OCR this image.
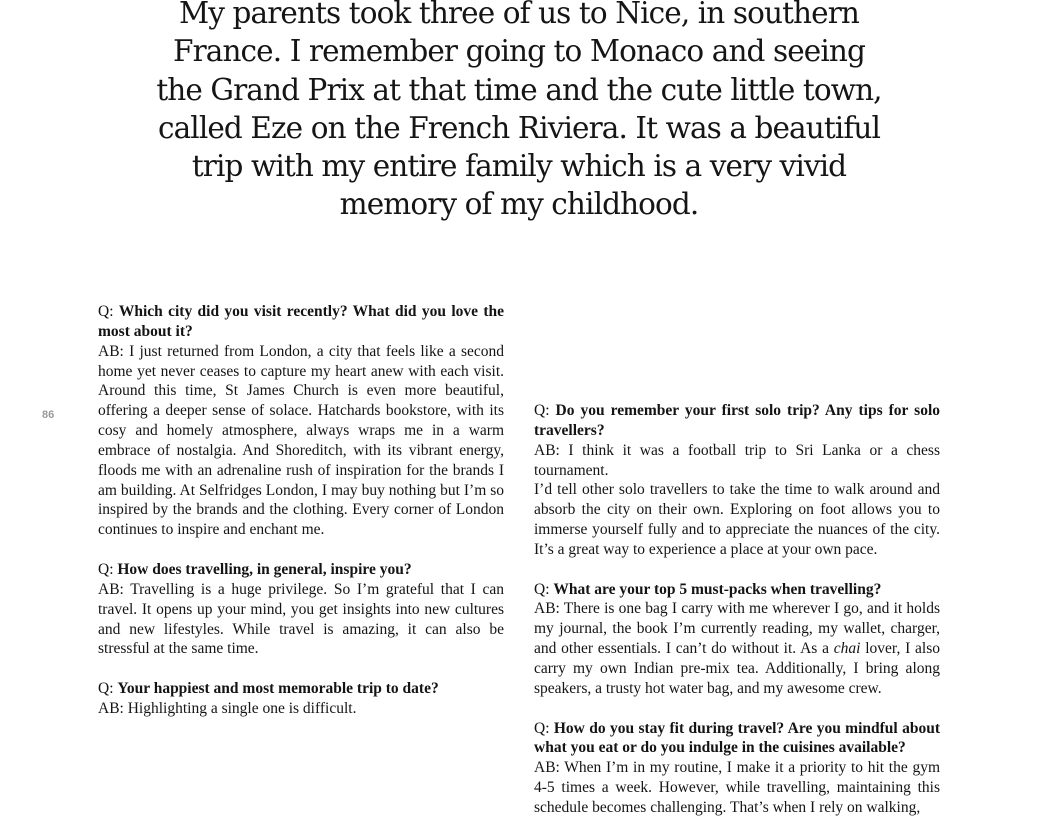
My parents took three of us to Nice, in southern France. I remember going to Monaco and seeing the Grand Prix at that time and the cute little town, called Eze on the French Riviera. It was a beautiful trip with my entire family which is a very vivid memory of my childhood.
86

Q: Which city did you visit recently? What did you love the most about it?

AB: I just returned from London, a city that feels like a second home yet never ceases to capture my heart anew with each visit. Around this time, St James Church is even more beautiful, offering a deeper sense of solace. Hatchards bookstore, with its cosy and homely atmosphere, always wraps me in a warm embrace of nostalgia. And Shoreditch, with its vibrant energy, floods me with an adrenaline rush of inspiration for the brands I am building. At Selfridges London, I may buy nothing but I’m so inspired by the brands and the clothing. Every corner of London continues to inspire and enchant me.

Q: How does travelling, in general, inspire you?

AB: Travelling is a huge privilege. So I’m grateful that I can travel. It opens up your mind, you get insights into new cultures and new lifestyles. While travel is amazing, it can also be stressful at the same time.

Q: Your happiest and most memorable trip to date?

AB: Highlighting a single one is difficult.

Q: Do you remember your first solo trip? Any tips for solo travellers?

AB: I think it was a football trip to Sri Lanka or a chess tournament.

I’d tell other solo travellers to take the time to walk around and absorb the city on their own. Exploring on foot allows you to immerse yourself fully and to appreciate the nuances of the city. It’s a great way to experience a place at your own pace.

Q: What are your top 5 must-packs when travelling?

AB: There is one bag I carry with me wherever I go, and it holds my journal, the book I’m currently reading, my wallet, charger, and other essentials. I can’t do without it. As a chai lover, I also carry my own Indian pre-mix tea. Additionally, I bring along speakers, a trusty hot water bag, and my awesome crew.

Q: How do you stay fit during travel? Are you mindful about what you eat or do you indulge in the cuisines available?

AB: When I’m in my routine, I make it a priority to hit the gym 4-5 times a week. However, while travelling, maintaining this schedule becomes challenging. That’s when I rely on walking,
